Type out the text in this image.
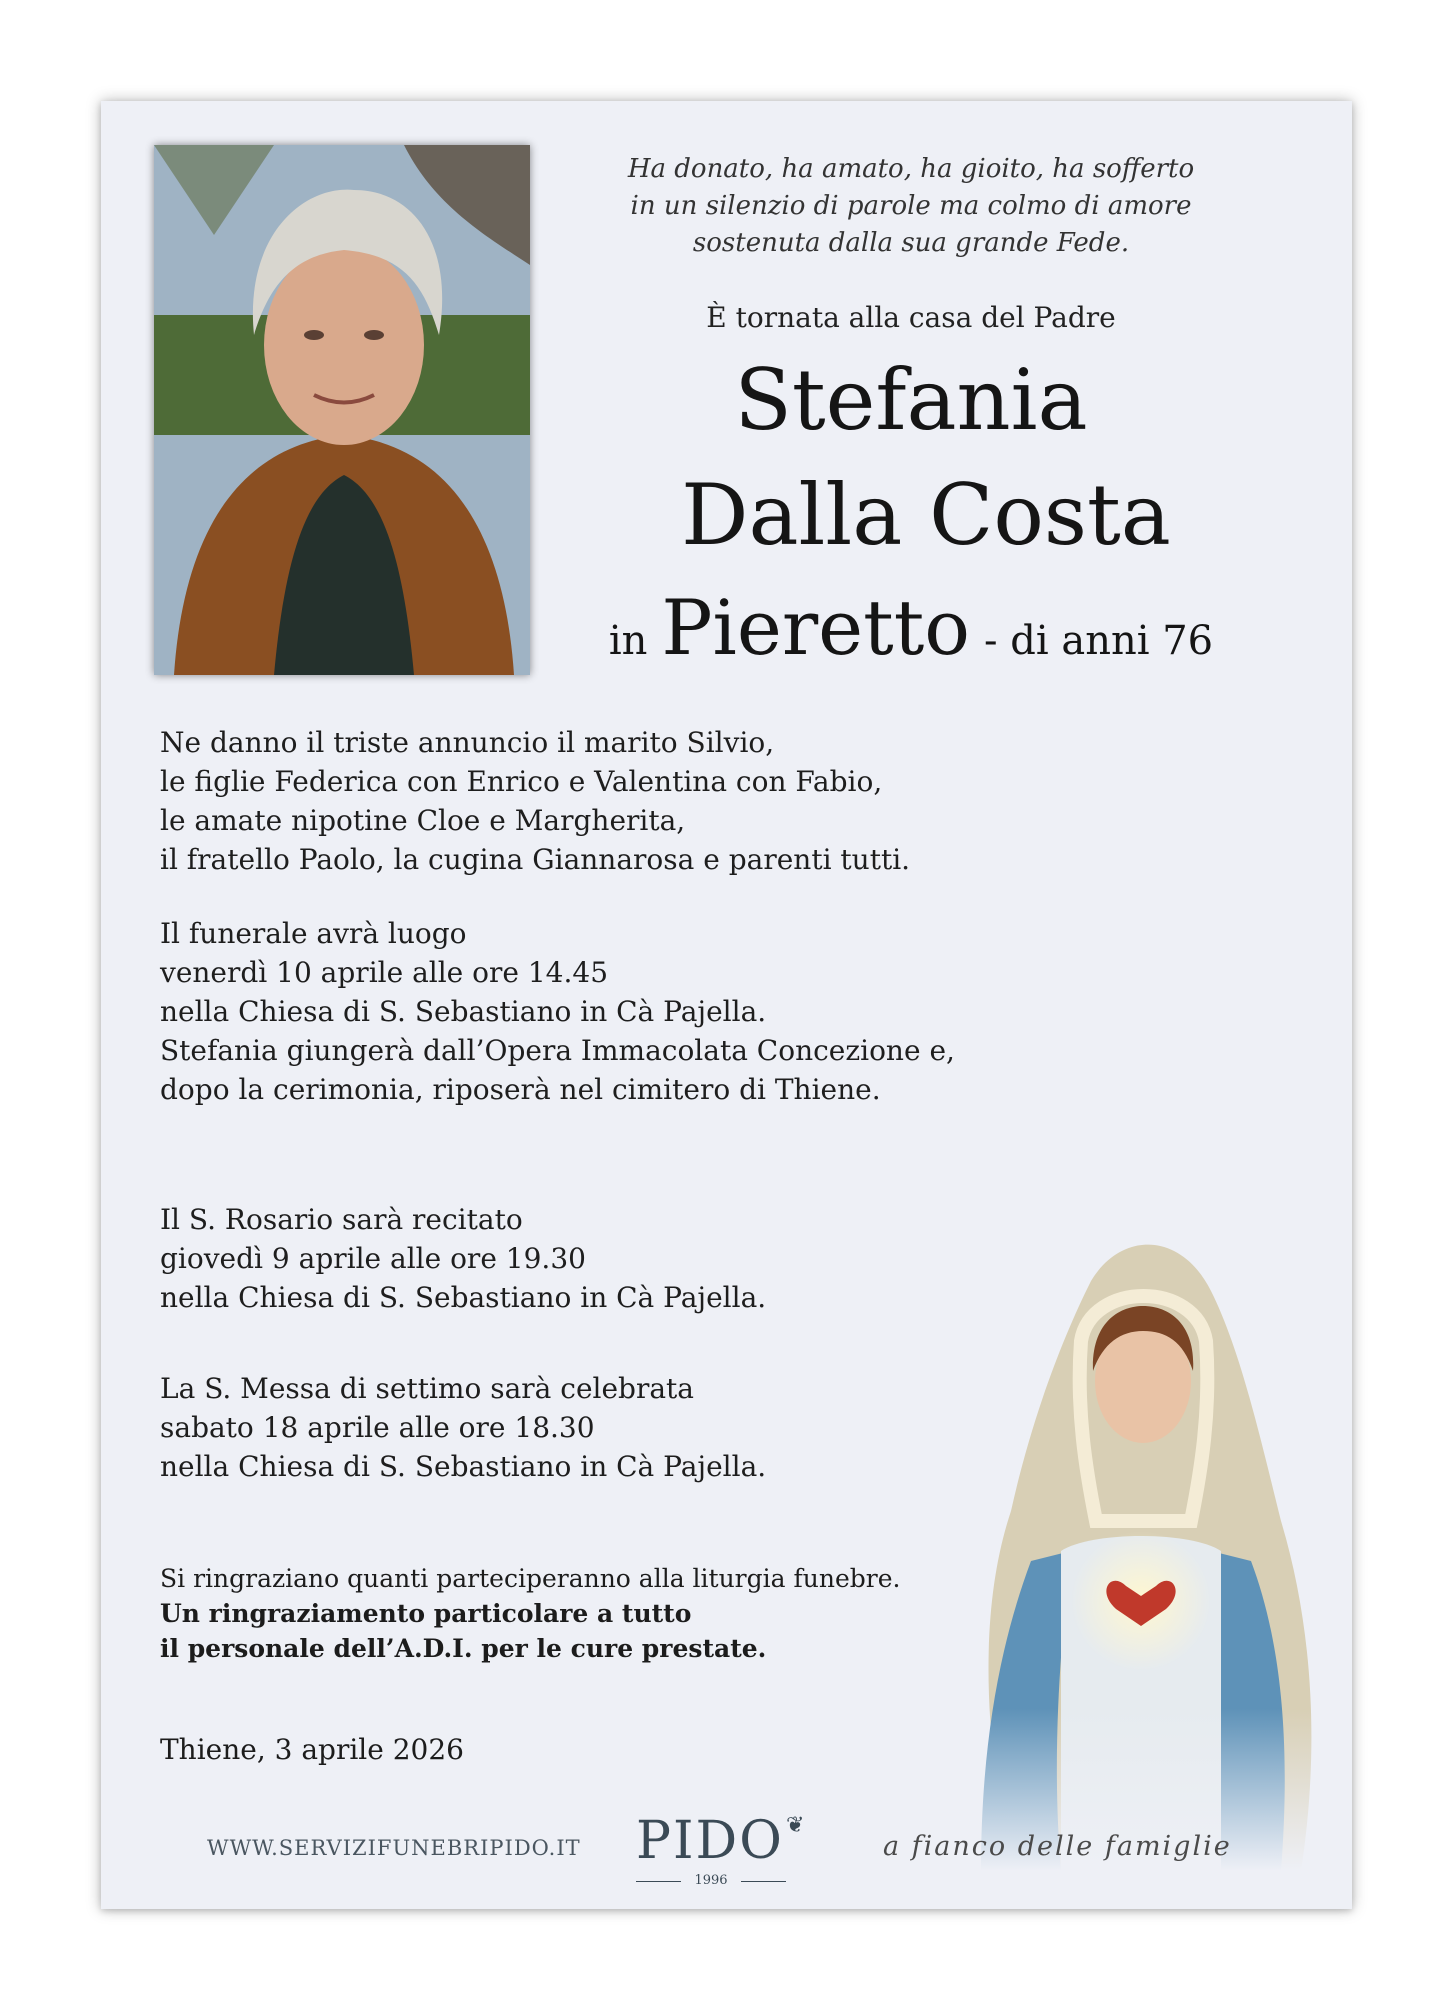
Ha donato, ha amato, ha gioito, ha sofferto
in un silenzio di parole ma colmo di amore
sostenuta dalla sua grande Fede.
È tornata alla casa del Padre
Stefania
Dalla Costa
in Pieretto - di anni 76
Ne danno il triste annuncio il marito Silvio,
le figlie Federica con Enrico e Valentina con Fabio,
le amate nipotine Cloe e Margherita,
il fratello Paolo, la cugina Giannarosa e parenti tutti.
Il funerale avrà luogo
venerdì 10 aprile alle ore 14.45
nella Chiesa di S. Sebastiano in Cà Pajella.
Stefania giungerà dall’Opera Immacolata Concezione e,
dopo la cerimonia, riposerà nel cimitero di Thiene.
Il S. Rosario sarà recitato
giovedì 9 aprile alle ore 19.30
nella Chiesa di S. Sebastiano in Cà Pajella.
La S. Messa di settimo sarà celebrata
sabato 18 aprile alle ore 18.30
nella Chiesa di S. Sebastiano in Cà Pajella.
Si ringraziano quanti parteciperanno alla liturgia funebre.
Un ringraziamento particolare a tutto
il personale dell’A.D.I. per le cure prestate.
Thiene, 3 aprile 2026
WWW.SERVIZIFUNEBRIPIDO.IT PIDO ❦
1996
a fianco delle famiglie
